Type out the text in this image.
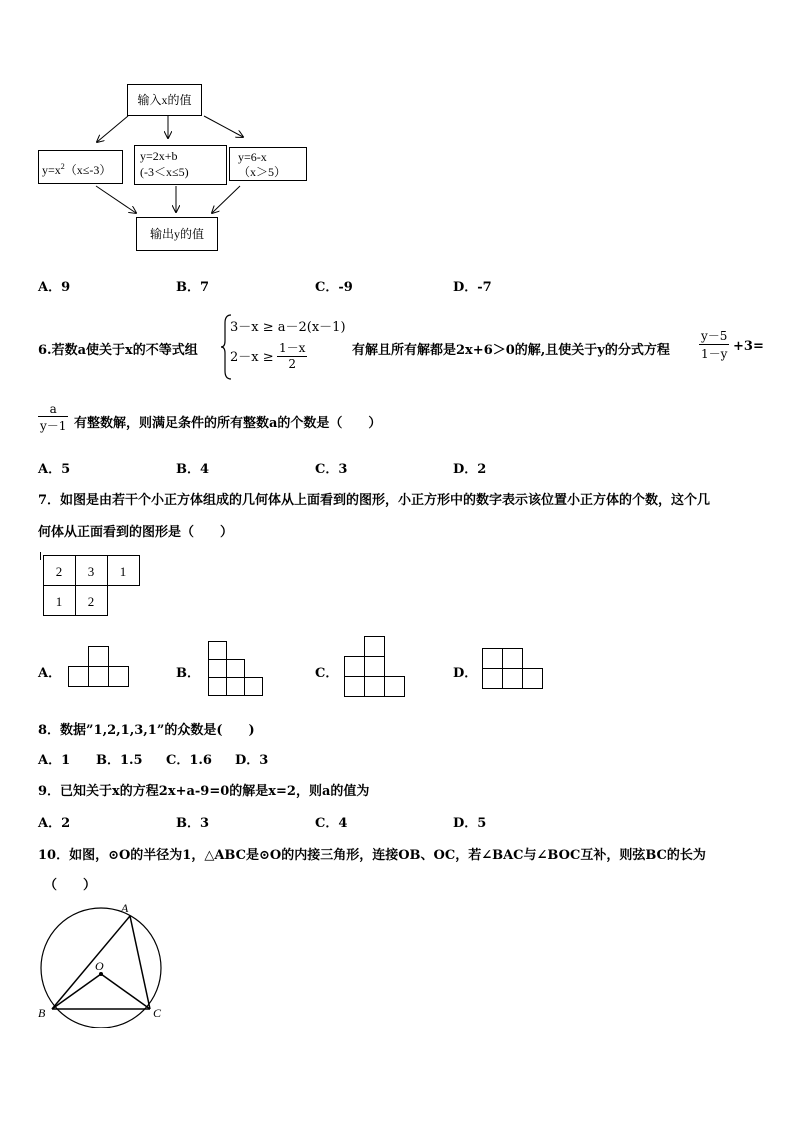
输入x的值
$y=x^2(x\le-3)$
y=2x+b
(-3＜x≤5)
y=6-x
（x＞5）
输出y的值
A．9	B．7	C．-9	D．-7
6.若数a使关于x的不等式组
3－x ≥ a－2(x－1)
$2-x \ge \frac{1-x}{2}$	有解且所有解都是2x+6＞0的解,且使关于y的分式方程 $\frac{y-5}{1-y} +3=$
$\frac{a}{y-1}$ 有整数解，则满足条件的所有整数a的个数是（　　）
A．5	B．4	C．3	D．2
7．如图是由若干个小正方体组成的几何体从上面看到的图形，小正方形中的数字表示该位置小正方体的个数，这个几
何体从正面看到的图形是（　　）
2 3 1
1 2
A．	B．	C．	D．
8．数据”1,2,1,3,1”的众数是(　　)
A．1 B．1.5 C．1.6 D．3
9．已知关于x的方程2x+a-9=0的解是x=2，则a的值为
A．2	B．3	C．4	D．5
10．如图，⊙O的半径为1，△ABC是⊙O的内接三角形，连接OB、OC，若∠BAC与∠BOC互补，则弦BC的长为
（　　）
A
O
B	C
